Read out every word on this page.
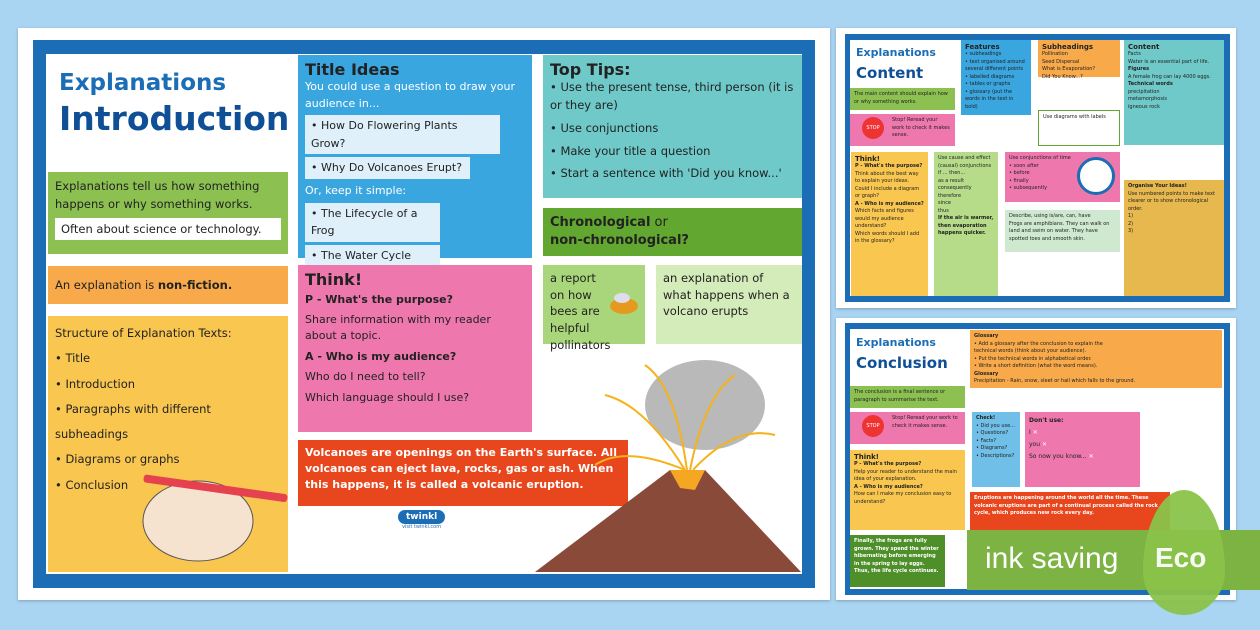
Explanations
Introduction
Explanations tell us how something happens or why something works.
Often about science or technology.
An explanation is non-fiction.
Structure of Explanation Texts:
• Title
• Introduction
• Paragraphs with different subheadings
• Diagrams or graphs
• Conclusion
Title Ideas
You could use a question to draw your audience in...
• How Do Flowering Plants Grow?
• Why Do Volcanoes Erupt?
Or, keep it simple:
• The Lifecycle of a Frog
• The Water Cycle
Top Tips:
• Use the present tense, third person (it is or they are)
• Use conjunctions
• Make your title a question
• Start a sentence with 'Did you know...'
Chronological or
non-chronological?
a report on how bees are helpful pollinators
an explanation of what happens when a volcano erupts
Think!
P - What's the purpose?
Share information with my reader about a topic.
A - Who is my audience?
Who do I need to tell?
Which language should I use?
Volcanoes are openings on the Earth's surface. All volcanoes can eject lava, rocks, gas or ash. When this happens, it is called a volcanic eruption.
twinkl
visit twinkl.com
Explanations
Content
The main content should explain how or why something works.
Stop! Reread your work to check it makes sense.
STOP
Features
• subheadings
• text organised around several different points
• labelled diagrams
• tables or graphs
• glossary (put the words in the text in bold)
Subheadings
Pollination
Seed Dispersal
What is Evaporation?
Did You Know...?
Use diagrams with labels
Content
Facts
Water is an essential part of life.
Figures
A female frog can lay 4000 eggs.
Technical words
precipitation
metamorphosis
igneous rock
Think!
P - What's the purpose?
Think about the best way to explain your ideas. Could I include a diagram or graph?
A - Who is my audience?
Which facts and figures would my audience understand?
Which words should I add in the glossary?
Use cause and effect (causal) conjunctions
if ... then...
as a result
consequently
therefore
since
thus
If the air is warmer, then evaporation happens quicker.
Use conjunctions of time
• soon after
• before
• finally
• subsequently
Describe, using is/are, can, have
Frogs are amphibians. They can walk on land and swim on water. They have spotted toes and smooth skin.
Organise Your Ideas!
Use numbered points to make text clearer or to show chronological order.
1)
2)
3)
Explanations
Conclusion
The conclusion is a final sentence or paragraph to summarise the text.
Glossary
• Add a glossary after the conclusion to explain the technical words (think about your audience).
• Put the technical words in alphabetical order.
• Write a short definition (what the word means).
Glossary
Precipitation - Rain, snow, sleet or hail which falls to the ground.
Stop! Reread your work to check it makes sense.
STOP
Think!
P - What's the purpose?
Help your reader to understand the main idea of your explanation.
A - Who is my audience?
How can I make my conclusion easy to understand?
Check!
• Did you use...
• Questions?
• Facts?
• Diagrams?
• Descriptions?
Don't use:
I ✕
you ✕
So now you know... ✕
Eruptions are happening around the world all the time. These volcanic eruptions are part of a continual process called the rock cycle, which produces new rock every day.
Finally, the frogs are fully grown. They spend the winter hibernating before emerging in the spring to lay eggs. Thus, the life cycle continues. ink saving Eco
